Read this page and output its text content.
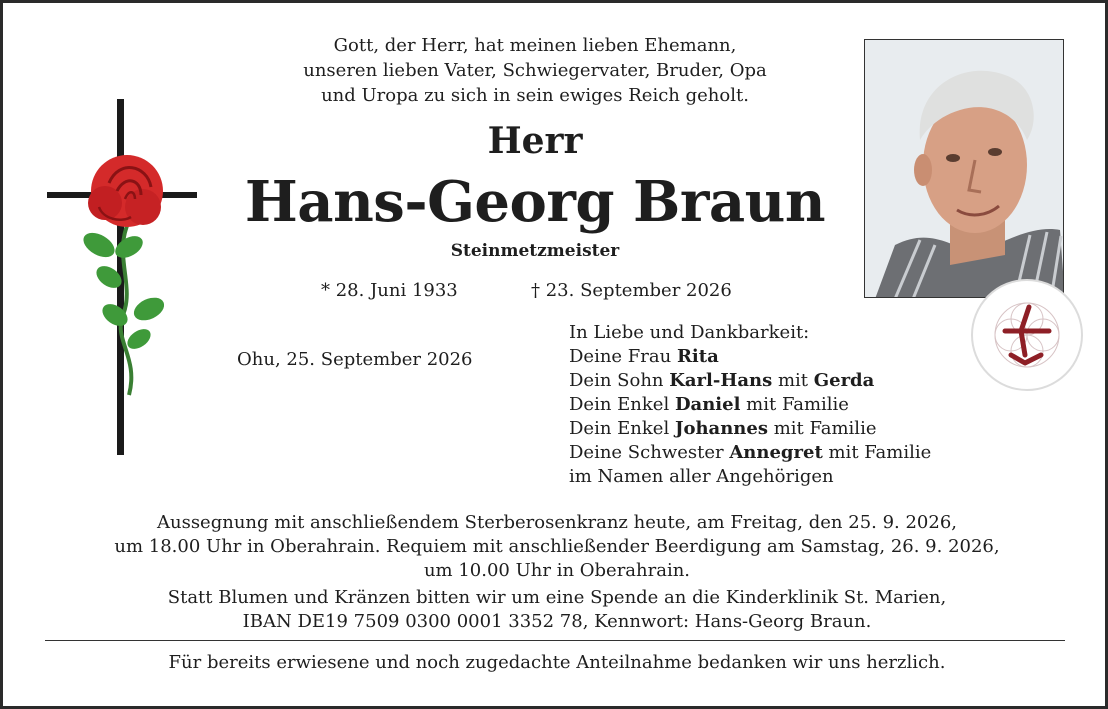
Gott, der Herr, hat meinen lieben Ehemann,
unseren lieben Vater, Schwiegervater, Bruder, Opa
und Uropa zu sich in sein ewiges Reich geholt.
Herr
Hans-Georg Braun
Steinmetzmeister
* 28. Juni 1933	† 23. September 2026
Ohu, 25. September 2026
In Liebe und Dankbarkeit:
Deine Frau Rita
Dein Sohn Karl-Hans mit Gerda
Dein Enkel Daniel mit Familie
Dein Enkel Johannes mit Familie
Deine Schwester Annegret mit Familie
im Namen aller Angehörigen
Aussegnung mit anschließendem Sterberosenkranz heute, am Freitag, den 25. 9. 2026,
um 18.00 Uhr in Oberahrain. Requiem mit anschließender Beerdigung am Samstag, 26. 9. 2026,
um 10.00 Uhr in Oberahrain.
Statt Blumen und Kränzen bitten wir um eine Spende an die Kinderklinik St. Marien,
IBAN DE19 7509 0300 0001 3352 78, Kennwort: Hans-Georg Braun.
Für bereits erwiesene und noch zugedachte Anteilnahme bedanken wir uns herzlich.
